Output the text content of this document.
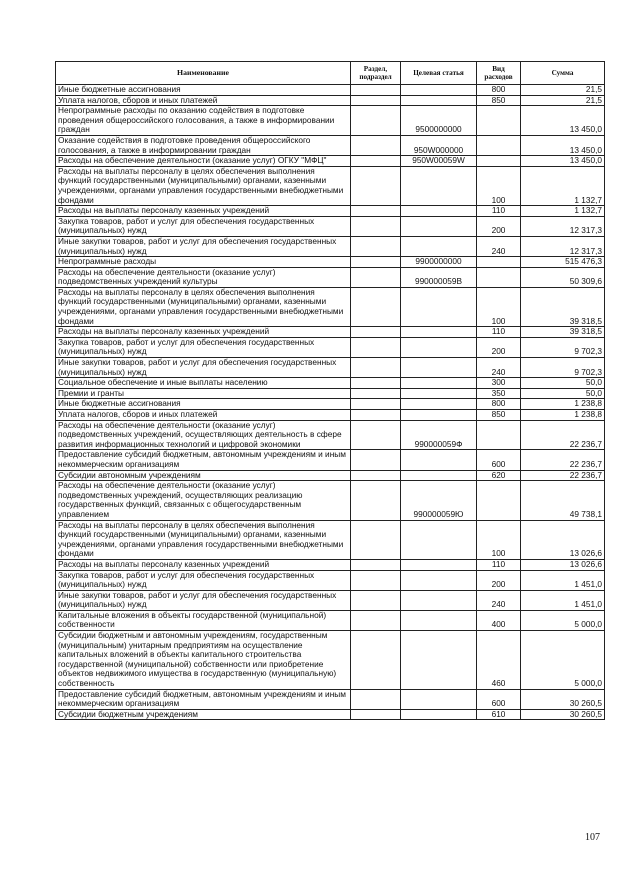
Наименование	Раздел, подраздел	Целевая статья	Вид расходов	Сумма
Иные бюджетные ассигнования			800	21,5
Уплата налогов, сборов и иных платежей			850	21,5
Непрограммные расходы по оказанию содействия в подготовке проведения общероссийского голосования, а также в информировании граждан		9500000000		13 450,0
Оказание содействия в подготовке проведения общероссийского голосования, а также в информировании граждан		950W000000		13 450,0
Расходы на обеспечение деятельности (оказание услуг) ОГКУ "МФЦ"		950W00059W		13 450,0
Расходы на выплаты персоналу в целях обеспечения выполнения функций государственными (муниципальными) органами, казенными учреждениями, органами управления государственными внебюджетными фондами			100	1 132,7
Расходы на выплаты персоналу казенных учреждений			110	1 132,7
Закупка товаров, работ и услуг для обеспечения государственных (муниципальных) нужд			200	12 317,3
Иные закупки товаров, работ и услуг для обеспечения государственных (муниципальных) нужд			240	12 317,3
Непрограммные расходы		9900000000		515 476,3
Расходы на обеспечение деятельности (оказание услуг) подведомственных учреждений культуры		990000059В		50 309,6
Расходы на выплаты персоналу в целях обеспечения выполнения функций государственными (муниципальными) органами, казенными учреждениями, органами управления государственными внебюджетными фондами			100	39 318,5
Расходы на выплаты персоналу казенных учреждений			110	39 318,5
Закупка товаров, работ и услуг для обеспечения государственных (муниципальных) нужд			200	9 702,3
Иные закупки товаров, работ и услуг для обеспечения государственных (муниципальных) нужд			240	9 702,3
Социальное обеспечение и иные выплаты населению			300	50,0
Премии и гранты			350	50,0
Иные бюджетные ассигнования			800	1 238,8
Уплата налогов, сборов и иных платежей			850	1 238,8
Расходы на обеспечение деятельности (оказание услуг) подведомственных учреждений, осуществляющих деятельность в сфере развития информационных технологий и цифровой экономики		990000059Ф		22 236,7
Предоставление субсидий бюджетным, автономным учреждениям и иным некоммерческим организациям			600	22 236,7
Субсидии автономным учреждениям			620	22 236,7
Расходы на обеспечение деятельности (оказание услуг) подведомственных учреждений, осуществляющих реализацию государственных функций, связанных с общегосударственным управлением		990000059Ю		49 738,1
Расходы на выплаты персоналу в целях обеспечения выполнения функций государственными (муниципальными) органами, казенными учреждениями, органами управления государственными внебюджетными фондами			100	13 026,6
Расходы на выплаты персоналу казенных учреждений			110	13 026,6
Закупка товаров, работ и услуг для обеспечения государственных (муниципальных) нужд			200	1 451,0
Иные закупки товаров, работ и услуг для обеспечения государственных (муниципальных) нужд			240	1 451,0
Капитальные вложения в объекты государственной (муниципальной) собственности			400	5 000,0
Субсидии бюджетным и автономным учреждениям, государственным (муниципальным) унитарным предприятиям на осуществление капитальных вложений в объекты капитального строительства государственной (муниципальной) собственности или приобретение объектов недвижимого имущества в государственную (муниципальную) собственность			460	5 000,0
Предоставление субсидий бюджетным, автономным учреждениям и иным некоммерческим организациям			600	30 260,5
Субсидии бюджетным учреждениям			610	30 260,5
107
